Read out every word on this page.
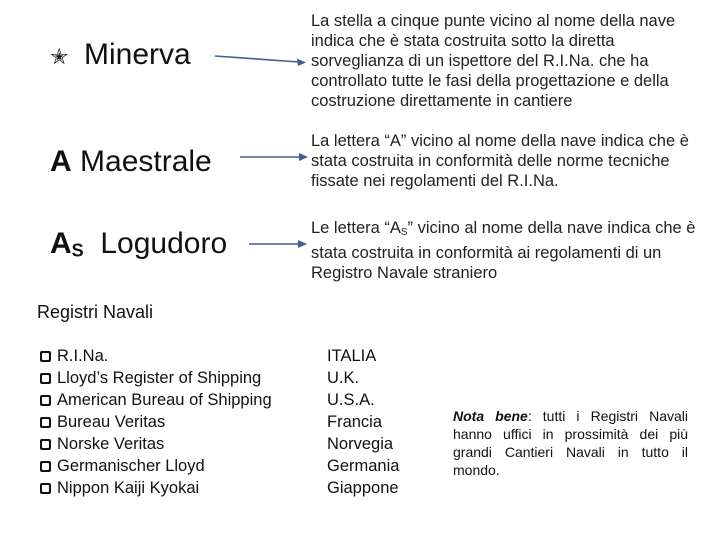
✭ Minerva
La stella a cinque punte vicino al nome della nave indica che è stata costruita sotto la diretta sorveglianza di un ispettore del R.I.Na. che ha controllato tutte le fasi della progettazione e della costruzione direttamente in cantiere
A Maestrale
La lettera “A” vicino al nome della nave indica che è stata costruita in conformità delle norme tecniche fissate nei regolamenti del R.I.Na.
$A_S$ Logudoro	Le lettera “$A_S$” vicino al nome della nave indica che è stata costruita in conformità ai regolamenti di un Registro Navale straniero
Registri Navali
R.I.Na.
Lloyd’s Register of Shipping
American Bureau of Shipping
Bureau Veritas
Norske Veritas
Germanischer Lloyd
Nippon Kaiji Kyokai
ITALIA
U.K.
U.S.A.
Francia
Norvegia
Germania
Giappone
Nota bene: tutti i Registri Navali hanno uffici in prossimità dei più grandi Cantieri Navali in tutto il mondo.
